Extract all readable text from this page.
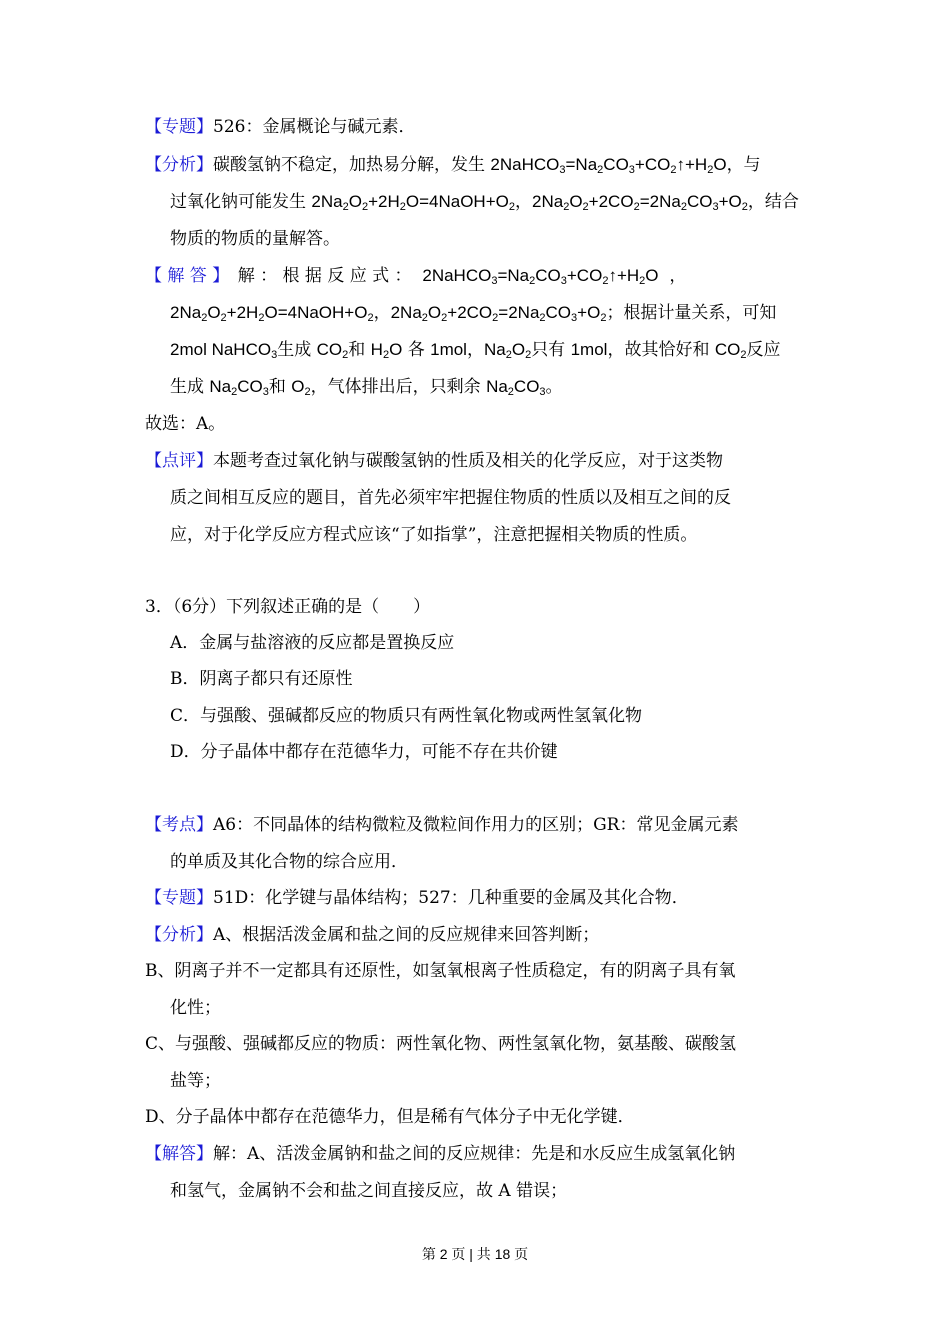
【专题】526：金属概论与碱元素．
【分析】碳酸氢钠不稳定，加热易分解，发生 $2NaHCO_3=Na_2CO_3+CO_2↑+H_2O$，与
过氧化钠可能发生 $2Na_2O_2+2H_2O=4NaOH+O_2$，$2Na_2O_2+2CO_2=2Na_2CO_3+O_2$，结合
物质的物质的量解答。
【 解 答 】　解 ： 根 据 反 应 式 ：  $2NaHCO_3=Na_2CO_3+CO_2↑+H_2O$  ，
$2Na_2O_2+2H_2O=4NaOH+O_2$，$2Na_2O_2+2CO_2=2Na_2CO_3+O_2$；根据计量关系，可知
2mol NaHCO$_3$生成 $CO_2$和 $H_2O$ 各 1mol，$Na_2O_2$只有 1mol，故其恰好和 $CO_2$反应
生成 $Na_2CO_3$和 $O_2$，气体排出后，只剩余 $Na_2CO_3$。
故选：A。
【点评】本题考查过氧化钠与碳酸氢钠的性质及相关的化学反应，对于这类物
质之间相互反应的题目，首先必须牢牢把握住物质的性质以及相互之间的反
应，对于化学反应方程式应该“了如指掌”，注意把握相关物质的性质。
3．（6分）下列叙述正确的是（　　）
A．金属与盐溶液的反应都是置换反应
B．阴离子都只有还原性
C．与强酸、强碱都反应的物质只有两性氧化物或两性氢氧化物
D．分子晶体中都存在范德华力，可能不存在共价键
【考点】A6：不同晶体的结构微粒及微粒间作用力的区别；GR：常见金属元素
的单质及其化合物的综合应用．
【专题】51D：化学键与晶体结构；527：几种重要的金属及其化合物．
【分析】A、根据活泼金属和盐之间的反应规律来回答判断；
B、阴离子并不一定都具有还原性，如氢氧根离子性质稳定，有的阴离子具有氧
化性；
C、与强酸、强碱都反应的物质：两性氧化物、两性氢氧化物，氨基酸、碳酸氢
盐等；
D、分子晶体中都存在范德华力，但是稀有气体分子中无化学键．
【解答】解：A、活泼金属钠和盐之间的反应规律：先是和水反应生成氢氧化钠
和氢气，金属钠不会和盐之间直接反应，故 A 错误；
第 2 页 | 共 18 页
